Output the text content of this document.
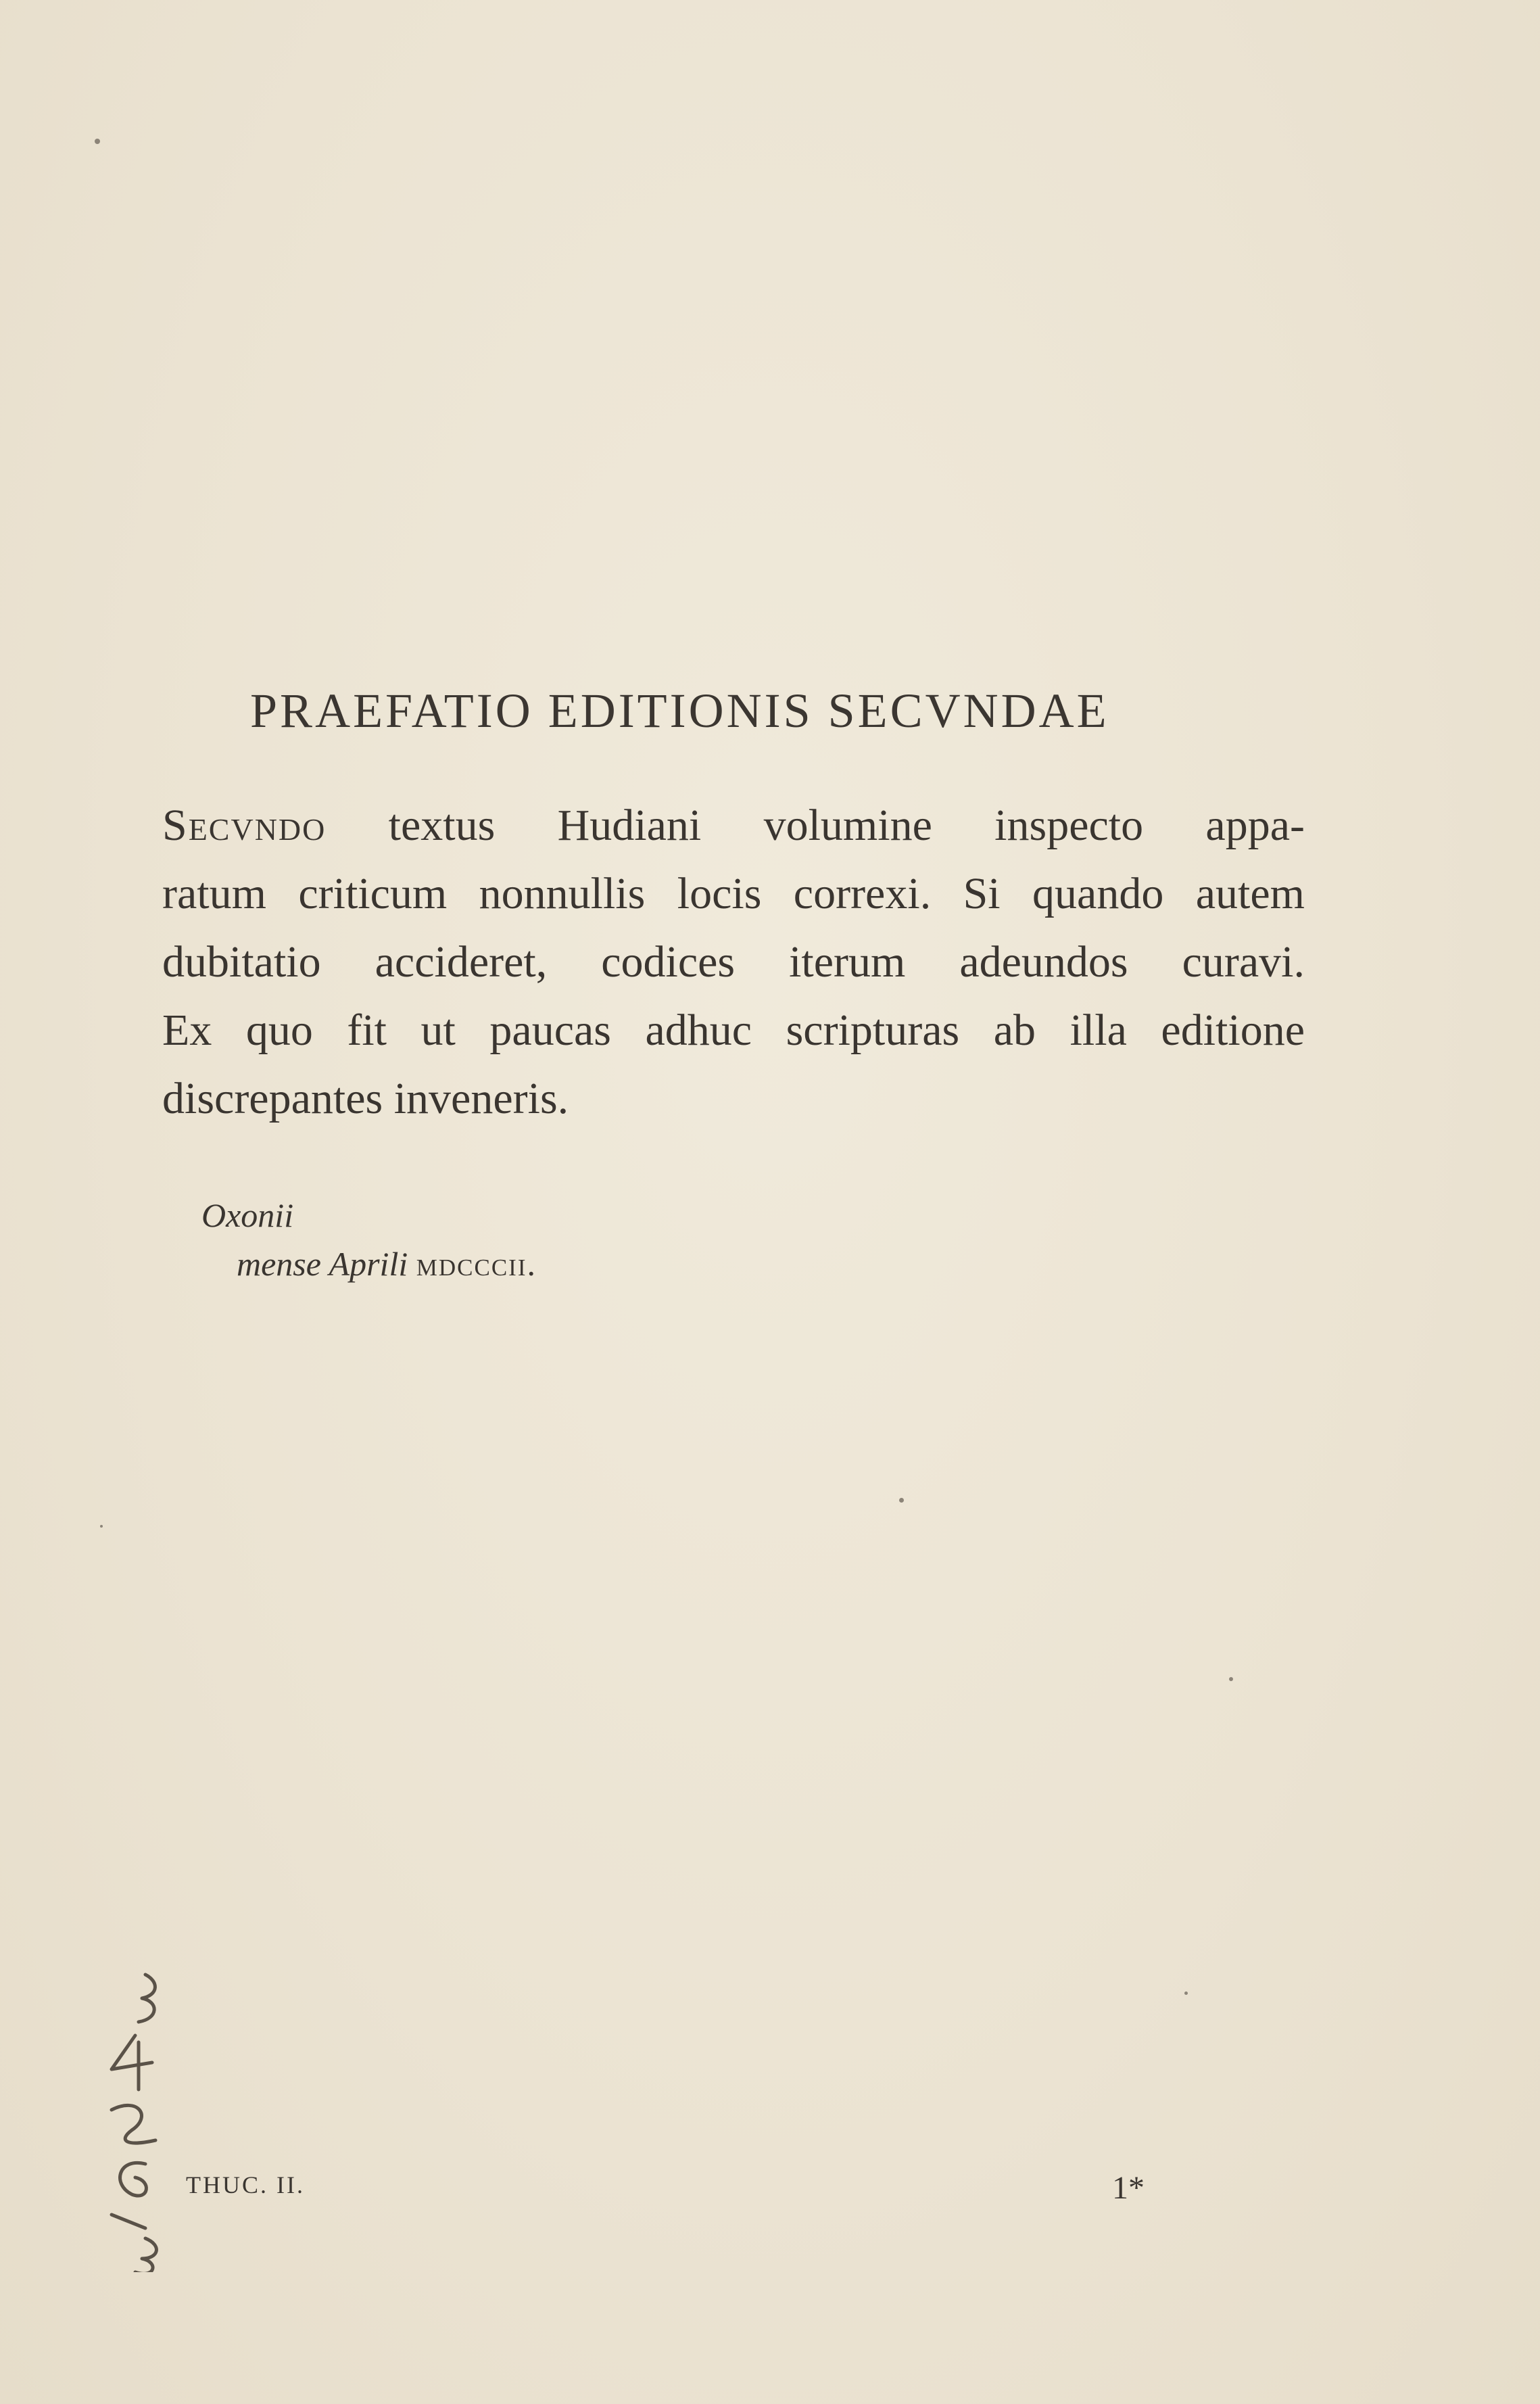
PRAEFATIO EDITIONIS SECVNDAE
Secvndo textus Hudiani volumine inspecto appa-
ratum criticum nonnullis locis correxi. Si quando autem
dubitatio accideret, codices iterum adeundos curavi.
Ex quo fit ut paucas adhuc scripturas ab illa editione
discrepantes inveneris.
Oxonii
mense Aprili mdcccii.
THUC. II.	1*
